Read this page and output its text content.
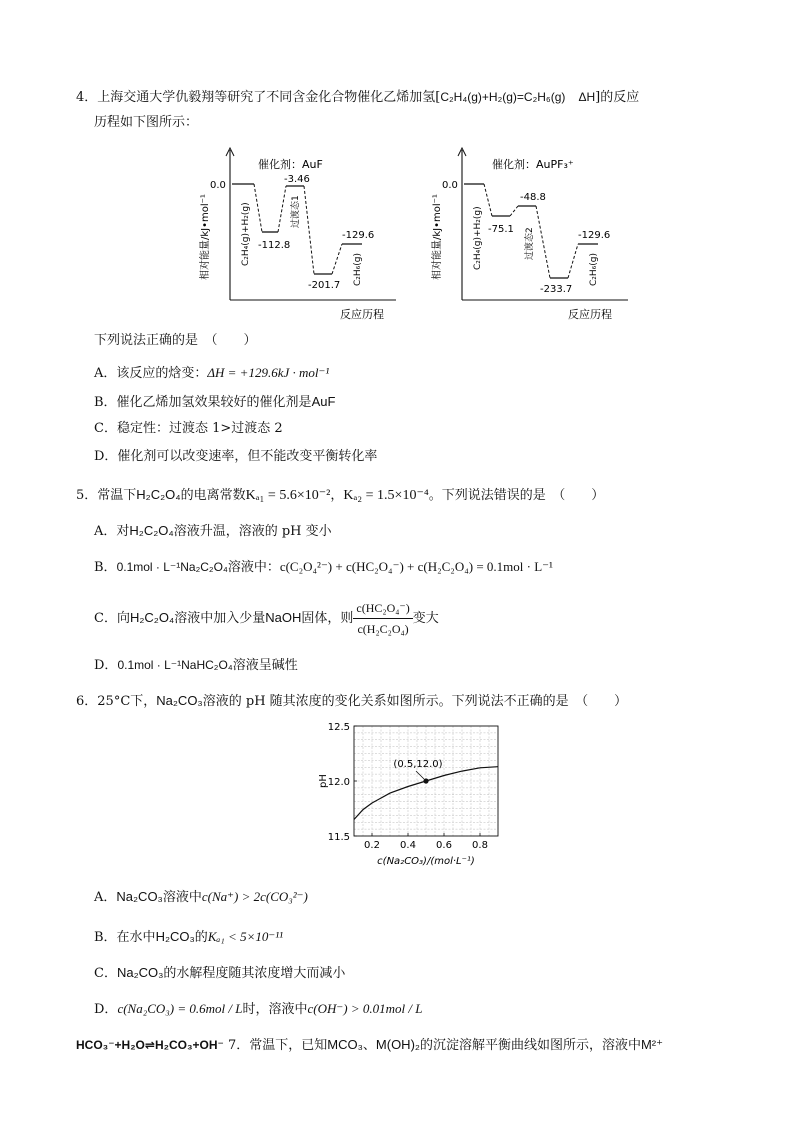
4．上海交通大学仇毅翔等研究了不同含金化合物催化乙烯加氢[C₂H₄(g)+H₂(g)=C₂H₆(g)　 ΔH]的反应
历程如下图所示：
催化剂：AuF
0.0
相对能量/kJ•mol⁻¹
反应历程
-112.8
-3.46
-201.7
-129.6
C₂H₄(g)+H₂(g)	过渡态1
C₂H₆(g)
催化剂：AuPF₃⁺
0.0
相对能量/kJ•mol⁻¹
反应历程
-75.1
-48.8
-233.7
-129.6
C₂H₄(g)+H₂(g)	过渡态2
C₂H₆(g)
下列说法正确的是　（　　）
A．该反应的焓变：ΔH = +129.6kJ · mol⁻¹
B．催化乙烯加氢效果较好的催化剂是AuF
C．稳定性：过渡态 1>过渡态 2
D．催化剂可以改变速率，但不能改变平衡转化率
5．常温下H₂C₂O₄的电离常数Kₐ₁ = 5.6×10⁻²，Kₐ₂ = 1.5×10⁻⁴。下列说法错误的是　（　　）
A．对H₂C₂O₄溶液升温，溶液的 pH 变小
B．0.1mol · L⁻¹Na₂C₂O₄溶液中：c(C₂O₄²⁻) + c(HC₂O₄⁻) + c(H₂C₂O₄) = 0.1mol · L⁻¹
C．向H₂C₂O₄溶液中加入少量NaOH固体，则 $\frac{\text{c(HC₂O₄⁻)}}{\text{c(H₂C₂O₄)}}$ 变大
D．0.1mol · L⁻¹NaHC₂O₄溶液呈碱性
6．25°C下，Na₂CO₃溶液的 pH 随其浓度的变化关系如图所示。下列说法不正确的是　（　　）
0.2 0.4 0.6 0.8
11.5
12.0
12.5
c(Na₂CO₃)/(mol·L⁻¹)
pH
(0.5,12.0)
A．Na₂CO₃溶液中c(Na⁺) > 2c(CO₃²⁻)
B．在水中H₂CO₃的Kₐ₁ < 5×10⁻¹¹
C．Na₂CO₃的水解程度随其浓度增大而减小
D．c(Na₂CO₃) = 0.6mol / L时，溶液中c(OH⁻) > 0.01mol / L
HCO₃⁻+H₂O⇌H₂CO₃+OH⁻ 7．常温下，已知MCO₃、M(OH)₂的沉淀溶解平衡曲线如图所示，溶液中M²⁺
